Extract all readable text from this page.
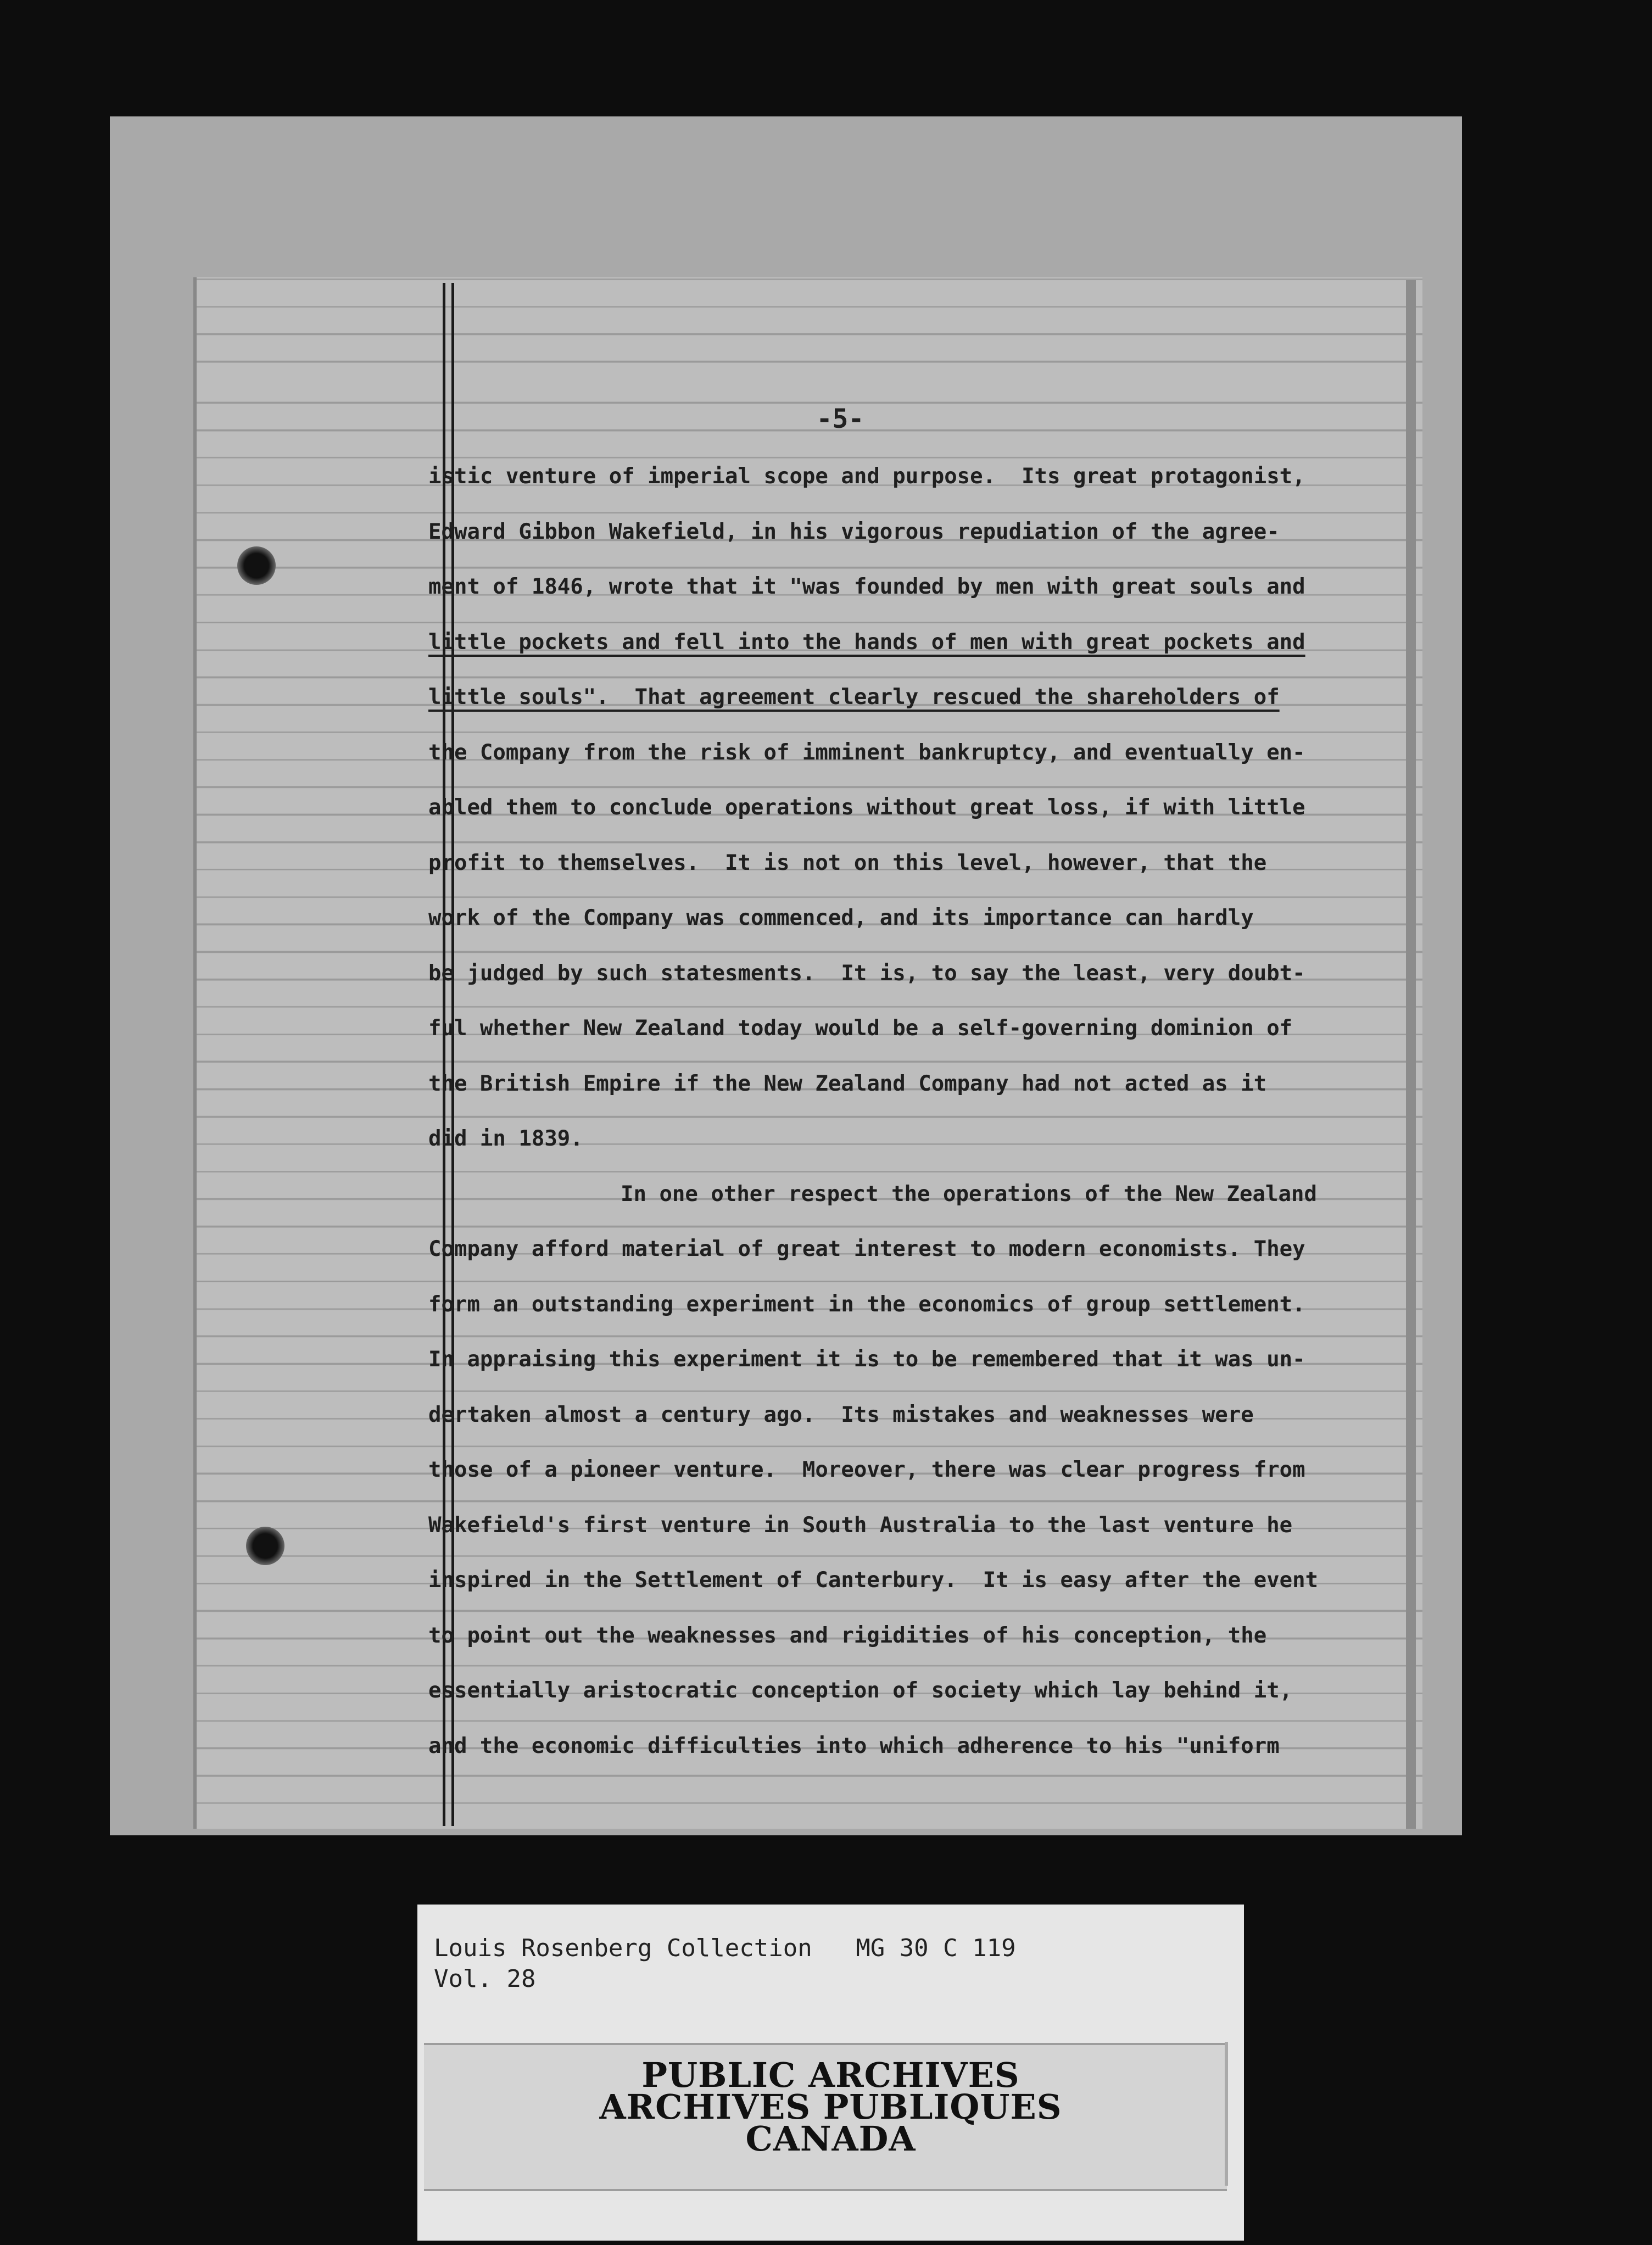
-5-
istic venture of imperial scope and purpose.  Its great protagonist,
Edward Gibbon Wakefield, in his vigorous repudiation of the agree-
ment of 1846, wrote that it "was founded by men with great souls and
little pockets and fell into the hands of men with great pockets and
little souls".  That agreement clearly rescued the shareholders of
the Company from the risk of imminent bankruptcy, and eventually en-
abled them to conclude operations without great loss, if with little
profit to themselves.  It is not on this level, however, that the
work of the Company was commenced, and its importance can hardly
be judged by such statesments.  It is, to say the least, very doubt-
ful whether New Zealand today would be a self-governing dominion of
the British Empire if the New Zealand Company had not acted as it
did in 1839.
In one other respect the operations of the New Zealand
Company afford material of great interest to modern economists. They
form an outstanding experiment in the economics of group settlement.
In appraising this experiment it is to be remembered that it was un-
dertaken almost a century ago.  Its mistakes and weaknesses were
those of a pioneer venture.  Moreover, there was clear progress from
Wakefield's first venture in South Australia to the last venture he
inspired in the Settlement of Canterbury.  It is easy after the event
to point out the weaknesses and rigidities of his conception, the
essentially aristocratic conception of society which lay behind it,
and the economic difficulties into which adherence to his "uniform
Louis Rosenberg Collection   MG 30 C 119
Vol. 28
PUBLIC ARCHIVES
ARCHIVES PUBLIQUES
CANADA
